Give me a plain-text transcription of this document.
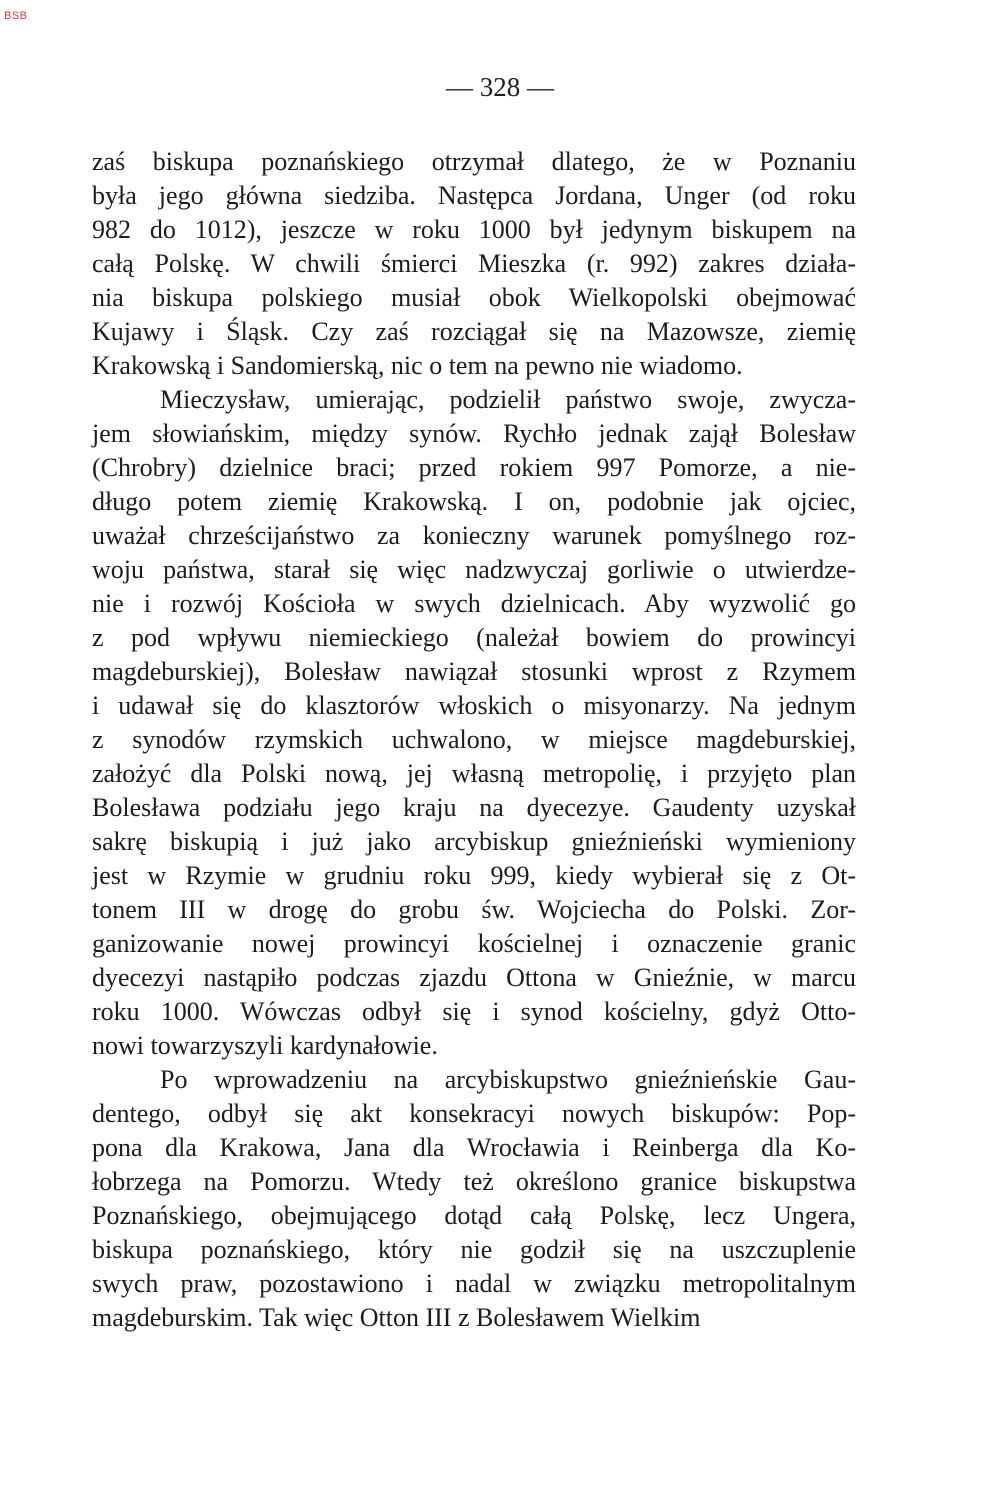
BSB
— 328 —
zaś biskupa poznańskiego otrzymał dlatego, że w Poznaniu
była jego główna siedziba. Następca Jordana, Unger (od roku
982 do 1012), jeszcze w roku 1000 był jedynym biskupem na
całą Polskę. W chwili śmierci Mieszka (r. 992) zakres działa-
nia biskupa polskiego musiał obok Wielkopolski obejmować
Kujawy i Śląsk. Czy zaś rozciągał się na Mazowsze, ziemię
Krakowską i Sandomierską, nic o tem na pewno nie wiadomo.
Mieczysław, umierając, podzielił państwo swoje, zwycza-
jem słowiańskim, między synów. Rychło jednak zajął Bolesław
(Chrobry) dzielnice braci; przed rokiem 997 Pomorze, a nie-
długo potem ziemię Krakowską. I on, podobnie jak ojciec,
uważał chrześcijaństwo za konieczny warunek pomyślnego roz-
woju państwa, starał się więc nadzwyczaj gorliwie o utwierdze-
nie i rozwój Kościoła w swych dzielnicach. Aby wyzwolić go
z pod wpływu niemieckiego (należał bowiem do prowincyi
magdeburskiej), Bolesław nawiązał stosunki wprost z Rzymem
i udawał się do klasztorów włoskich o misyonarzy. Na jednym
z synodów rzymskich uchwalono, w miejsce magdeburskiej,
założyć dla Polski nową, jej własną metropolię, i przyjęto plan
Bolesława podziału jego kraju na dyecezye. Gaudenty uzyskał
sakrę biskupią i już jako arcybiskup gnieźnieński wymieniony
jest w Rzymie w grudniu roku 999, kiedy wybierał się z Ot-
tonem III w drogę do grobu św. Wojciecha do Polski. Zor-
ganizowanie nowej prowincyi kościelnej i oznaczenie granic
dyecezyi nastąpiło podczas zjazdu Ottona w Gnieźnie, w marcu
roku 1000. Wówczas odbył się i synod kościelny, gdyż Otto-
nowi towarzyszyli kardynałowie.
Po wprowadzeniu na arcybiskupstwo gnieźnieńskie Gau-
dentego, odbył się akt konsekracyi nowych biskupów: Pop-
pona dla Krakowa, Jana dla Wrocławia i Reinberga dla Ko-
łobrzega na Pomorzu. Wtedy też określono granice biskupstwa
Poznańskiego, obejmującego dotąd całą Polskę, lecz Ungera,
biskupa poznańskiego, który nie godził się na uszczuplenie
swych praw, pozostawiono i nadal w związku metropolitalnym
magdeburskim. Tak więc Otton III z Bolesławem Wielkim
